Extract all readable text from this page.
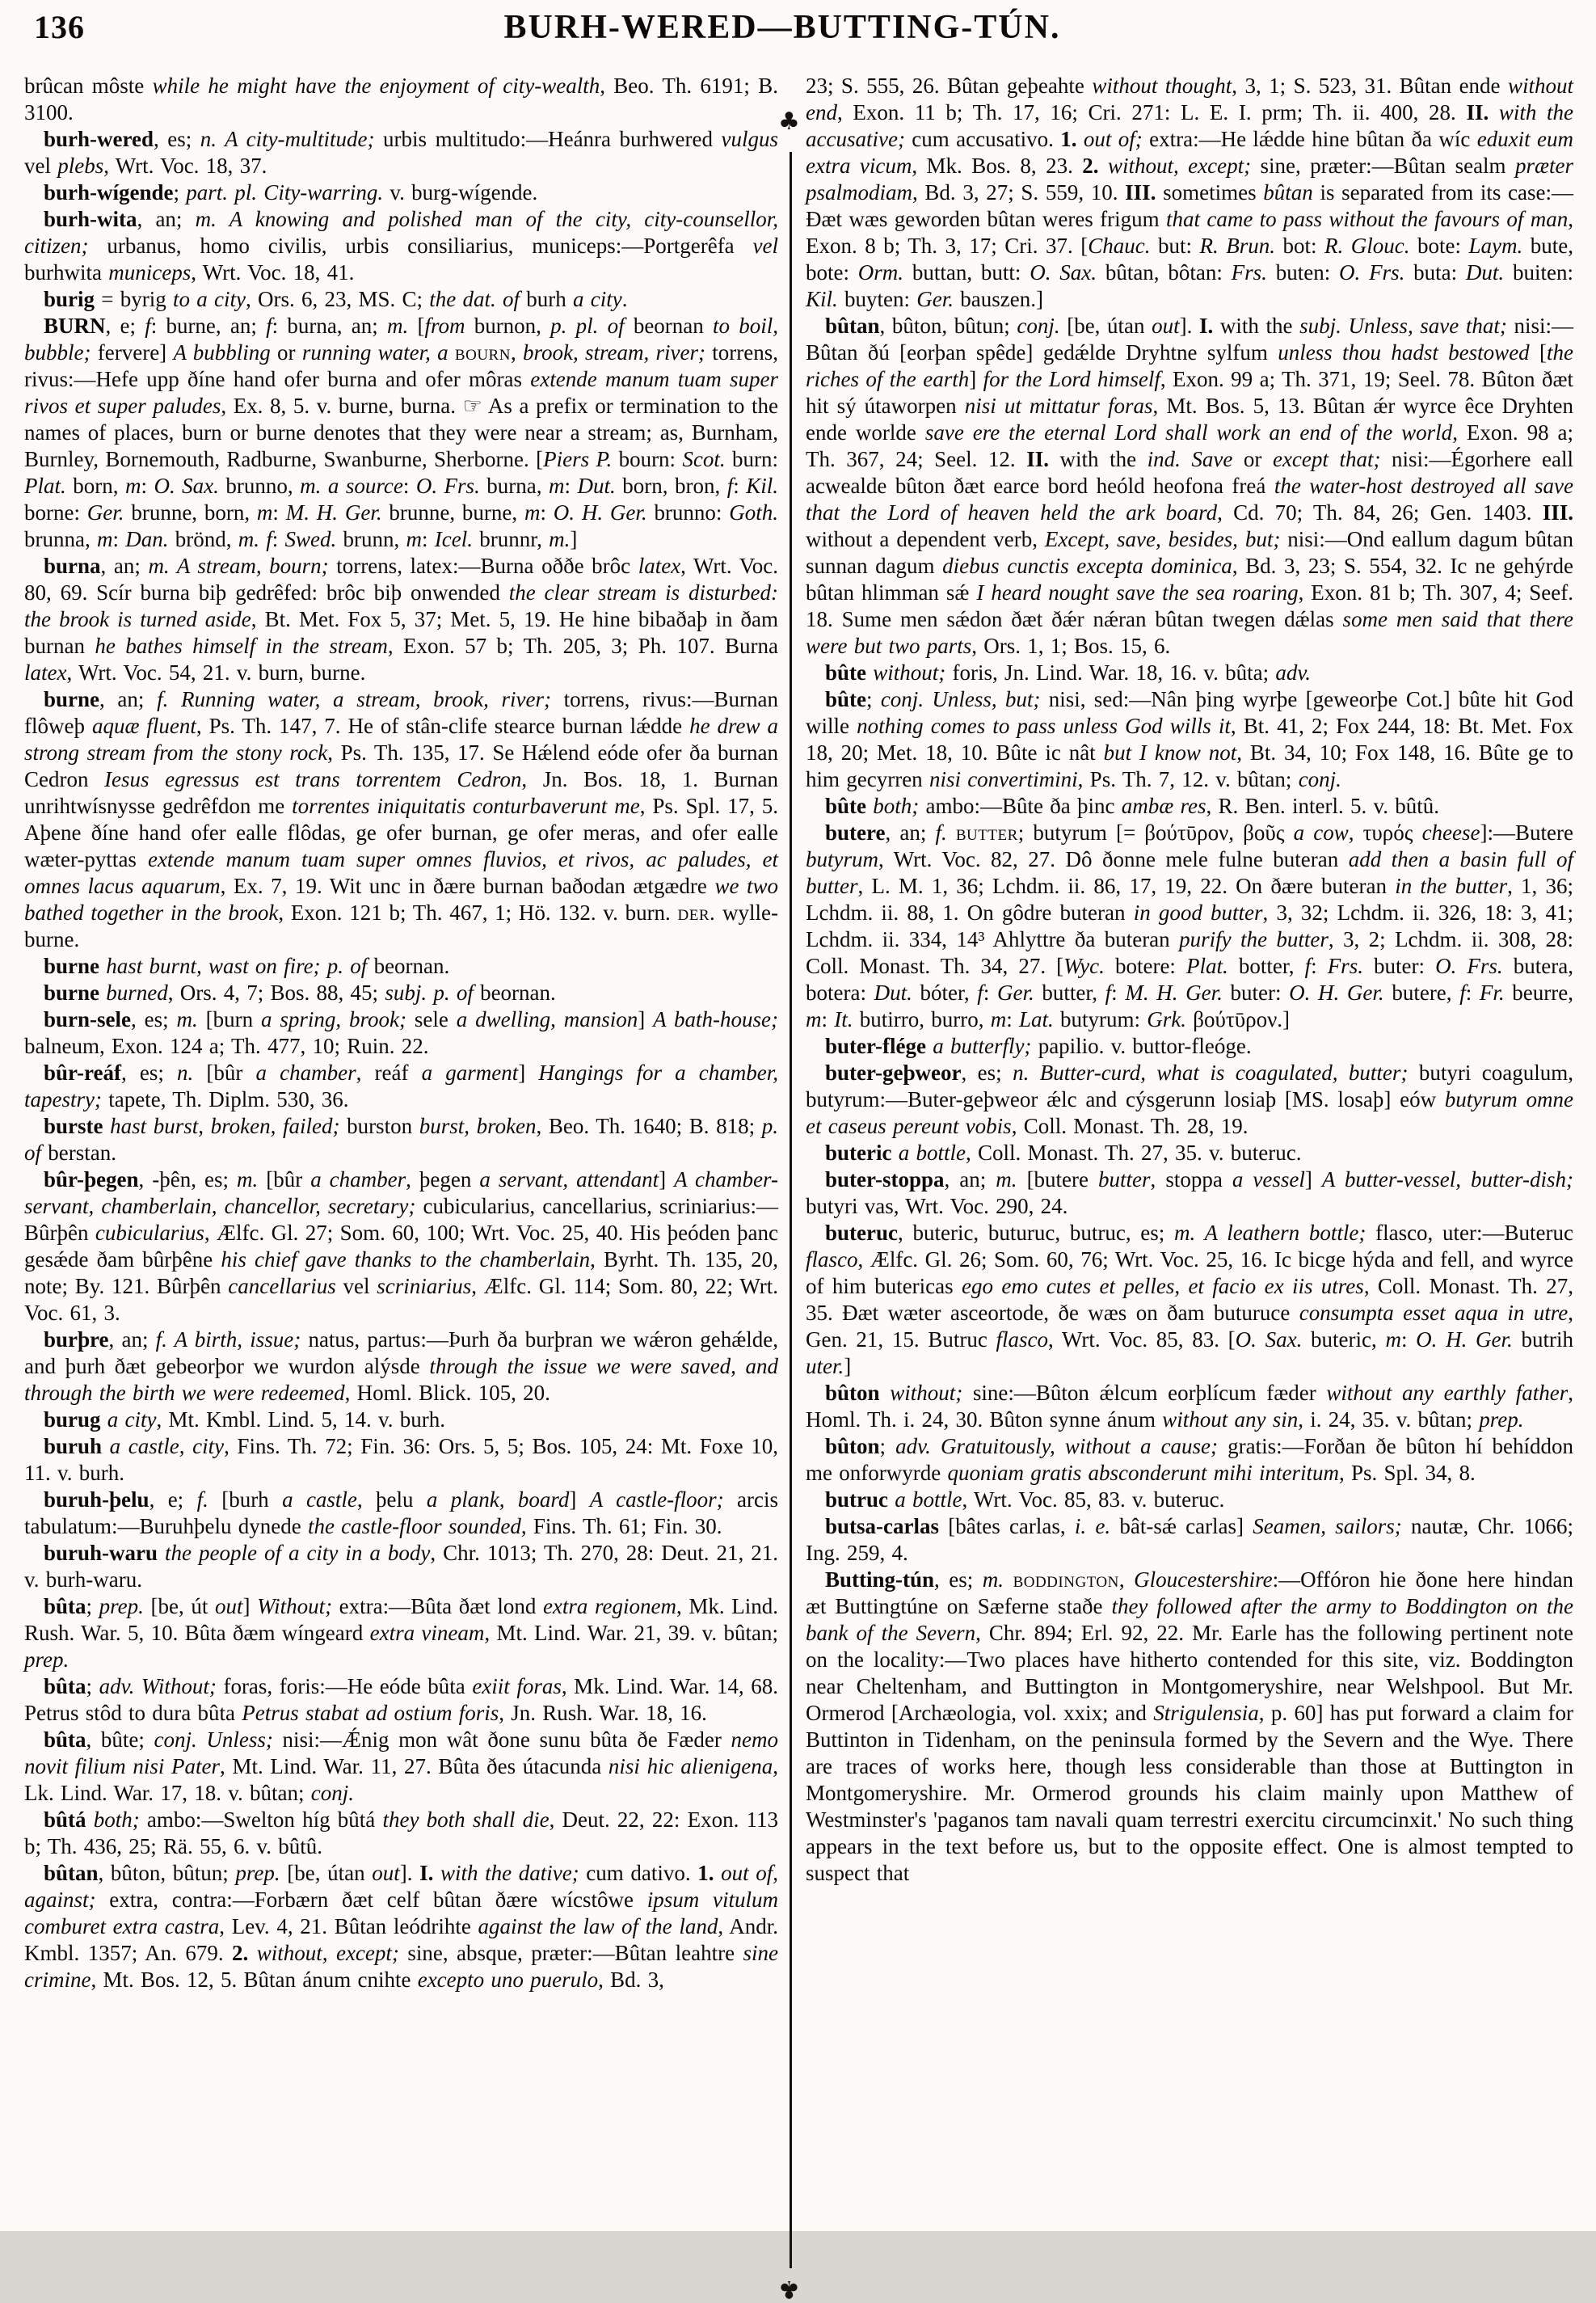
136	BURH-WERED—BUTTING-TÚN.

brûcan môste while he might have the enjoyment of city-wealth, Beo. Th. 6191; B. 3100.

burh-wered, es; n. A city-multitude; urbis multitudo:—Heánra burhwered vulgus vel plebs, Wrt. Voc. 18, 37.

burh-wígende; part. pl. City-warring. v. burg-wígende.

burh-wita, an; m. A knowing and polished man of the city, city-counsellor, citizen; urbanus, homo civilis, urbis consiliarius, municeps:—Portgerêfa vel burhwita municeps, Wrt. Voc. 18, 41.

burig = byrig to a city, Ors. 6, 23, MS. C; the dat. of burh a city.

BURN, e; f: burne, an; f: burna, an; m. [from burnon, p. pl. of beornan to boil, bubble; fervere] A bubbling or running water, a bourn, brook, stream, river; torrens, rivus:—Hefe upp ðíne hand ofer burna and ofer môras extende manum tuam super rivos et super paludes, Ex. 8, 5. v. burne, burna. ☞ As a prefix or termination to the names of places, burn or burne denotes that they were near a stream; as, Burnham, Burnley, Bornemouth, Radburne, Swanburne, Sherborne. [Piers P. bourn: Scot. burn: Plat. born, m: O. Sax. brunno, m. a source: O. Frs. burna, m: Dut. born, bron, f: Kil. borne: Ger. brunne, born, m: M. H. Ger. brunne, burne, m: O. H. Ger. brunno: Goth. brunna, m: Dan. brönd, m. f: Swed. brunn, m: Icel. brunnr, m.]

burna, an; m. A stream, bourn; torrens, latex:—Burna oððe brôc latex, Wrt. Voc. 80, 69. Scír burna biþ gedrêfed: brôc biþ onwended the clear stream is disturbed: the brook is turned aside, Bt. Met. Fox 5, 37; Met. 5, 19. He hine bibaðaþ in ðam burnan he bathes himself in the stream, Exon. 57 b; Th. 205, 3; Ph. 107. Burna latex, Wrt. Voc. 54, 21. v. burn, burne.

burne, an; f. Running water, a stream, brook, river; torrens, rivus:—Burnan flôweþ aquæ fluent, Ps. Th. 147, 7. He of stân-clife stearce burnan lǽdde he drew a strong stream from the stony rock, Ps. Th. 135, 17. Se Hǽlend eóde ofer ða burnan Cedron Iesus egressus est trans torrentem Cedron, Jn. Bos. 18, 1. Burnan unrihtwísnysse gedrêfdon me torrentes iniquitatis conturbaverunt me, Ps. Spl. 17, 5. Aþene ðíne hand ofer ealle flôdas, ge ofer burnan, ge ofer meras, and ofer ealle wæter-pyttas extende manum tuam super omnes fluvios, et rivos, ac paludes, et omnes lacus aquarum, Ex. 7, 19. Wit unc in ðære burnan baðodan ætgædre we two bathed together in the brook, Exon. 121 b; Th. 467, 1; Hö. 132. v. burn. der. wylle-burne.

burne hast burnt, wast on fire; p. of beornan.

burne burned, Ors. 4, 7; Bos. 88, 45; subj. p. of beornan.

burn-sele, es; m. [burn a spring, brook; sele a dwelling, mansion] A bath-house; balneum, Exon. 124 a; Th. 477, 10; Ruin. 22.

bûr-reáf, es; n. [bûr a chamber, reáf a garment] Hangings for a chamber, tapestry; tapete, Th. Diplm. 530, 36.

burste hast burst, broken, failed; burston burst, broken, Beo. Th. 1640; B. 818; p. of berstan.

bûr-þegen, -þên, es; m. [bûr a chamber, þegen a servant, attendant] A chamber-servant, chamberlain, chancellor, secretary; cubicularius, cancellarius, scriniarius:—Bûrþên cubicularius, Ælfc. Gl. 27; Som. 60, 100; Wrt. Voc. 25, 40. His þeóden þanc gesǽde ðam bûrþêne his chief gave thanks to the chamberlain, Byrht. Th. 135, 20, note; By. 121. Bûrþên cancellarius vel scriniarius, Ælfc. Gl. 114; Som. 80, 22; Wrt. Voc. 61, 3.

burþre, an; f. A birth, issue; natus, partus:—Þurh ða burþran we wǽron gehǽlde, and þurh ðæt gebeorþor we wurdon alýsde through the issue we were saved, and through the birth we were redeemed, Homl. Blick. 105, 20.

burug a city, Mt. Kmbl. Lind. 5, 14. v. burh.

buruh a castle, city, Fins. Th. 72; Fin. 36: Ors. 5, 5; Bos. 105, 24: Mt. Foxe 10, 11. v. burh.

buruh-þelu, e; f. [burh a castle, þelu a plank, board] A castle-floor; arcis tabulatum:—Buruhþelu dynede the castle-floor sounded, Fins. Th. 61; Fin. 30.

buruh-waru the people of a city in a body, Chr. 1013; Th. 270, 28: Deut. 21, 21. v. burh-waru.

bûta; prep. [be, út out] Without; extra:—Bûta ðæt lond extra regionem, Mk. Lind. Rush. War. 5, 10. Bûta ðæm wíngeard extra vineam, Mt. Lind. War. 21, 39. v. bûtan; prep.

bûta; adv. Without; foras, foris:—He eóde bûta exiit foras, Mk. Lind. War. 14, 68. Petrus stôd to dura bûta Petrus stabat ad ostium foris, Jn. Rush. War. 18, 16.

bûta, bûte; conj. Unless; nisi:—Ǽnig mon wât ðone sunu bûta ðe Fæder nemo novit filium nisi Pater, Mt. Lind. War. 11, 27. Bûta ðes útacunda nisi hic alienigena, Lk. Lind. War. 17, 18. v. bûtan; conj.

bûtá both; ambo:—Swelton híg bûtá they both shall die, Deut. 22, 22: Exon. 113 b; Th. 436, 25; Rä. 55, 6. v. bûtû.

bûtan, bûton, bûtun; prep. [be, útan out]. I. with the dative; cum dativo. 1. out of, against; extra, contra:—Forbærn ðæt celf bûtan ðære wícstôwe ipsum vitulum comburet extra castra, Lev. 4, 21. Bûtan leódrihte against the law of the land, Andr. Kmbl. 1357; An. 679. 2. without, except; sine, absque, præter:—Bûtan leahtre sine crimine, Mt. Bos. 12, 5. Bûtan ánum cnihte excepto uno puerulo, Bd. 3,

♣
♣

23; S. 555, 26. Bûtan geþeahte without thought, 3, 1; S. 523, 31. Bûtan ende without end, Exon. 11 b; Th. 17, 16; Cri. 271: L. E. I. prm; Th. ii. 400, 28. II. with the accusative; cum accusativo. 1. out of; extra:—He lǽdde hine bûtan ða wíc eduxit eum extra vicum, Mk. Bos. 8, 23. 2. without, except; sine, præter:—Bûtan sealm præter psalmodiam, Bd. 3, 27; S. 559, 10. III. sometimes bûtan is separated from its case:—Ðæt wæs geworden bûtan weres frigum that came to pass without the favours of man, Exon. 8 b; Th. 3, 17; Cri. 37. [Chauc. but: R. Brun. bot: R. Glouc. bote: Laym. bute, bote: Orm. buttan, butt: O. Sax. bûtan, bôtan: Frs. buten: O. Frs. buta: Dut. buiten: Kil. buyten: Ger. bauszen.]

bûtan, bûton, bûtun; conj. [be, útan out]. I. with the subj. Unless, save that; nisi:—Bûtan ðú [eorþan spêde] gedǽlde Dryhtne sylfum unless thou hadst bestowed [the riches of the earth] for the Lord himself, Exon. 99 a; Th. 371, 19; Seel. 78. Bûton ðæt hit sý útaworpen nisi ut mittatur foras, Mt. Bos. 5, 13. Bûtan ǽr wyrce êce Dryhten ende worlde save ere the eternal Lord shall work an end of the world, Exon. 98 a; Th. 367, 24; Seel. 12. II. with the ind. Save or except that; nisi:—Égorhere eall acwealde bûton ðæt earce bord heóld heofona freá the water-host destroyed all save that the Lord of heaven held the ark board, Cd. 70; Th. 84, 26; Gen. 1403. III. without a dependent verb, Except, save, besides, but; nisi:—Ond eallum dagum bûtan sunnan dagum diebus cunctis excepta dominica, Bd. 3, 23; S. 554, 32. Ic ne gehýrde bûtan hlimman sǽ I heard nought save the sea roaring, Exon. 81 b; Th. 307, 4; Seef. 18. Sume men sǽdon ðæt ðǽr nǽran bûtan twegen dǽlas some men said that there were but two parts, Ors. 1, 1; Bos. 15, 6.

bûte without; foris, Jn. Lind. War. 18, 16. v. bûta; adv.

bûte; conj. Unless, but; nisi, sed:—Nân þing wyrþe [geweorþe Cot.] bûte hit God wille nothing comes to pass unless God wills it, Bt. 41, 2; Fox 244, 18: Bt. Met. Fox 18, 20; Met. 18, 10. Bûte ic nât but I know not, Bt. 34, 10; Fox 148, 16. Bûte ge to him gecyrren nisi convertimini, Ps. Th. 7, 12. v. bûtan; conj.

bûte both; ambo:—Bûte ða þinc ambæ res, R. Ben. interl. 5. v. bûtû.

butere, an; f. butter; butyrum [= βούτῡρον, βοῦς a cow, τυρός cheese]:—Butere butyrum, Wrt. Voc. 82, 27. Dô ðonne mele fulne buteran add then a basin full of butter, L. M. 1, 36; Lchdm. ii. 86, 17, 19, 22. On ðære buteran in the butter, 1, 36; Lchdm. ii. 88, 1. On gôdre buteran in good butter, 3, 32; Lchdm. ii. 326, 18: 3, 41; Lchdm. ii. 334, 14³ Ahlyttre ða buteran purify the butter, 3, 2; Lchdm. ii. 308, 28: Coll. Monast. Th. 34, 27. [Wyc. botere: Plat. botter, f: Frs. buter: O. Frs. butera, botera: Dut. bóter, f: Ger. butter, f: M. H. Ger. buter: O. H. Ger. butere, f: Fr. beurre, m: It. butirro, burro, m: Lat. butyrum: Grk. βούτῡρον.]

buter-flége a butterfly; papilio. v. buttor-fleóge.

buter-geþweor, es; n. Butter-curd, what is coagulated, butter; butyri coagulum, butyrum:—Buter-geþweor ǽlc and cýsgerunn losiaþ [MS. losaþ] eów butyrum omne et caseus pereunt vobis, Coll. Monast. Th. 28, 19.

buteric a bottle, Coll. Monast. Th. 27, 35. v. buteruc.

buter-stoppa, an; m. [butere butter, stoppa a vessel] A butter-vessel, butter-dish; butyri vas, Wrt. Voc. 290, 24.

buteruc, buteric, buturuc, butruc, es; m. A leathern bottle; flasco, uter:—Buteruc flasco, Ælfc. Gl. 26; Som. 60, 76; Wrt. Voc. 25, 16. Ic bicge hýda and fell, and wyrce of him butericas ego emo cutes et pelles, et facio ex iis utres, Coll. Monast. Th. 27, 35. Ðæt wæter asceortode, ðe wæs on ðam buturuce consumpta esset aqua in utre, Gen. 21, 15. Butruc flasco, Wrt. Voc. 85, 83. [O. Sax. buteric, m: O. H. Ger. butrih uter.]

bûton without; sine:—Bûton ǽlcum eorþlícum fæder without any earthly father, Homl. Th. i. 24, 30. Bûton synne ánum without any sin, i. 24, 35. v. bûtan; prep.

bûton; adv. Gratuitously, without a cause; gratis:—Forðan ðe bûton hí behíddon me onforwyrde quoniam gratis absconderunt mihi interitum, Ps. Spl. 34, 8.

butruc a bottle, Wrt. Voc. 85, 83. v. buteruc.

butsa-carlas [bâtes carlas, i. e. bât-sǽ carlas] Seamen, sailors; nautæ, Chr. 1066; Ing. 259, 4.

Butting-tún, es; m. boddington, Gloucestershire:—Offóron hie ðone here hindan æt Buttingtúne on Sæferne staðe they followed after the army to Boddington on the bank of the Severn, Chr. 894; Erl. 92, 22. Mr. Earle has the following pertinent note on the locality:—Two places have hitherto contended for this site, viz. Boddington near Cheltenham, and Buttington in Montgomeryshire, near Welshpool. But Mr. Ormerod [Archæologia, vol. xxix; and Strigulensia, p. 60] has put forward a claim for Buttinton in Tidenham, on the peninsula formed by the Severn and the Wye. There are traces of works here, though less considerable than those at Buttington in Montgomeryshire. Mr. Ormerod grounds his claim mainly upon Matthew of Westminster's 'paganos tam navali quam terrestri exercitu circumcinxit.' No such thing appears in the text before us, but to the opposite effect. One is almost tempted to suspect that
